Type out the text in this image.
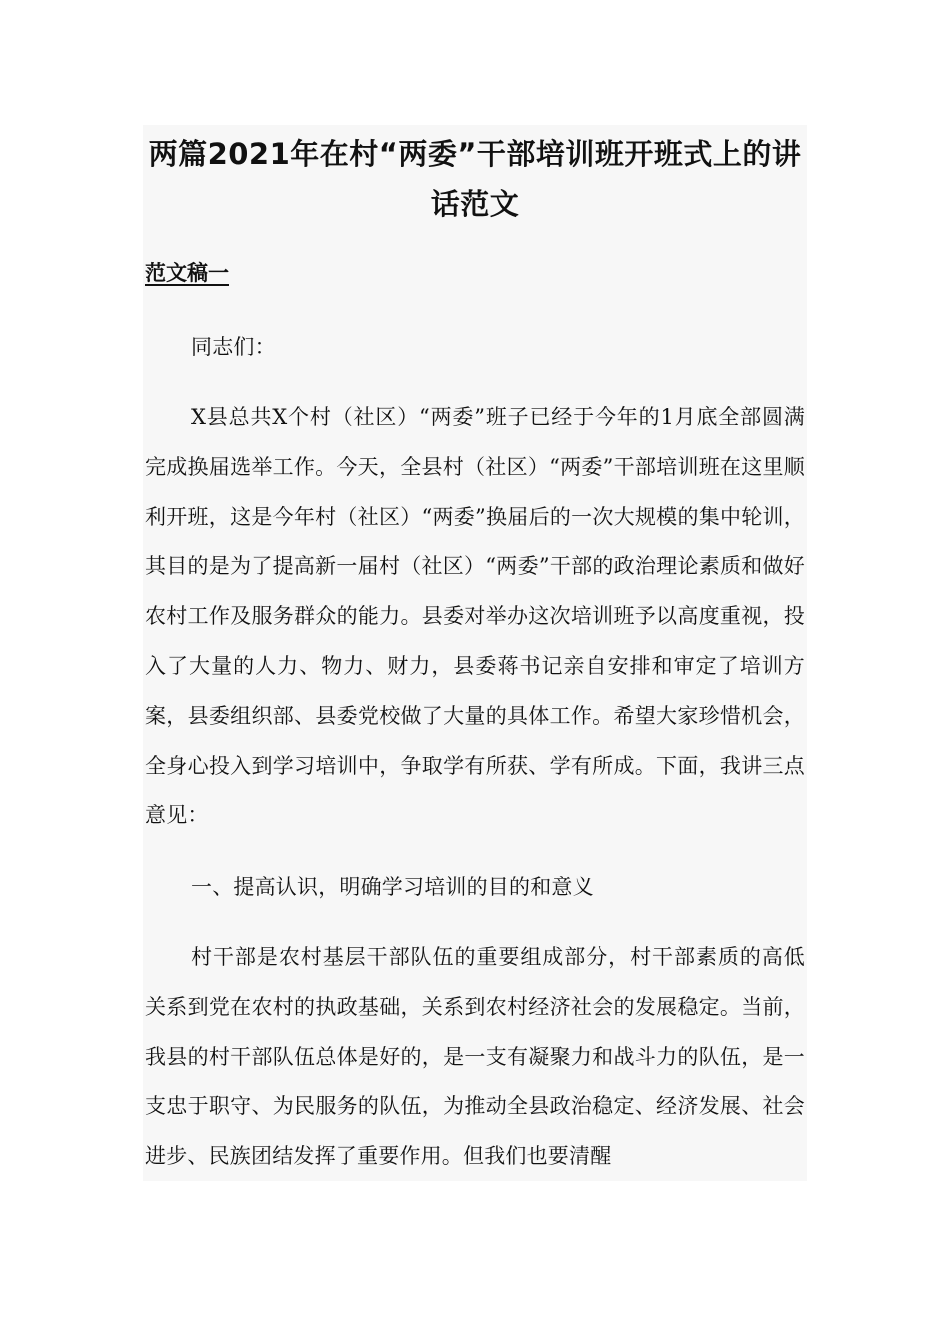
两篇2021年在村“两委”干部培训班开班式上的讲话范文

范文稿一

同志们：

X县总共X个村（社区）“两委”班子已经于今年的1月底全部圆满完成换届选举工作。今天，全县村（社区）“两委”干部培训班在这里顺利开班，这是今年村（社区）“两委”换届后的一次大规模的集中轮训，其目的是为了提高新一届村（社区）“两委”干部的政治理论素质和做好农村工作及服务群众的能力。县委对举办这次培训班予以高度重视，投入了大量的人力、物力、财力，县委蒋书记亲自安排和审定了培训方案，县委组织部、县委党校做了大量的具体工作。希望大家珍惜机会，全身心投入到学习培训中，争取学有所获、学有所成。下面，我讲三点意见：

一、提高认识，明确学习培训的目的和意义

村干部是农村基层干部队伍的重要组成部分，村干部素质的高低关系到党在农村的执政基础，关系到农村经济社会的发展稳定。当前，我县的村干部队伍总体是好的，是一支有凝聚力和战斗力的队伍，是一支忠于职守、为民服务的队伍，为推动全县政治稳定、经济发展、社会进步、民族团结发挥了重要作用。但我们也要清醒
